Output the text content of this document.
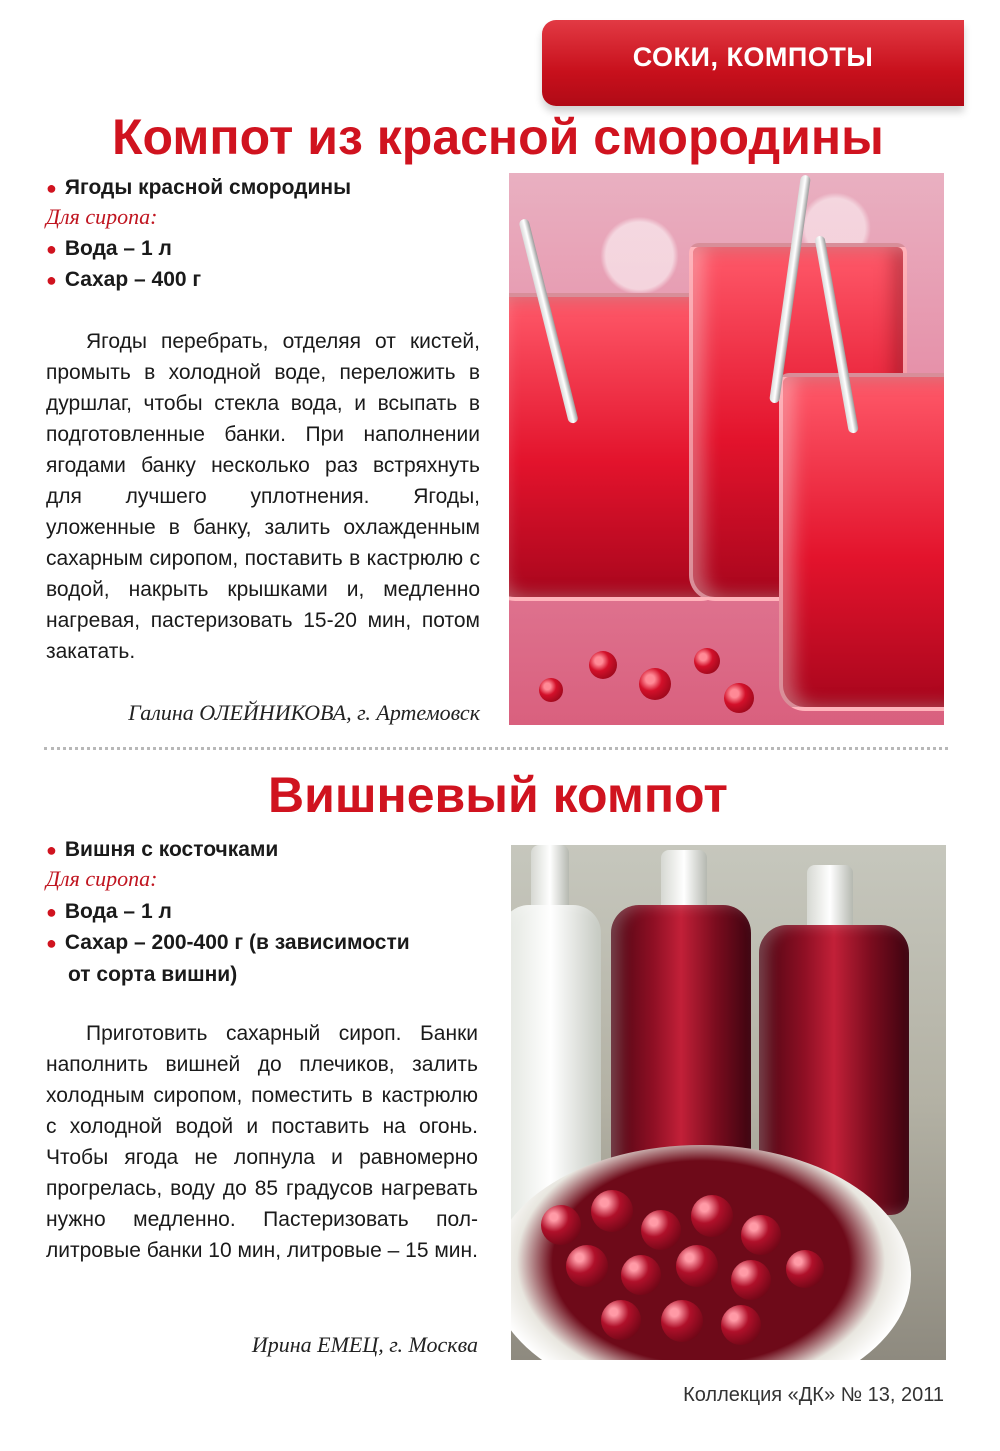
СОКИ, КОМПОТЫ
Компот из красной смородины

● Ягоды красной смородины

Для сиропа:

● Вода – 1 л

● Сахар – 400 г

Ягоды перебрать, отделяя от кистей, промыть в холодной воде, переложить в дуршлаг, чтобы стекла вода, и всыпать в подготовленные банки. При наполнении ягодами банку несколько раз встряхнуть для лучшего уплотнения. Ягоды, уложенные в банку, залить охлажденным сахарным сиропом, поставить в кастрюлю с водой, накрыть крышками и, медленно нагревая, пастеризовать 15-20 мин, потом закатать.

Галина ОЛЕЙНИКОВА, г. Артемовск

Вишневый компот

● Вишня с косточками

Для сиропа:

● Вода – 1 л

● Сахар – 200-400 г (в зависимости
от сорта вишни)

Приготовить сахарный сироп. Банки наполнить вишней до плечиков, залить холодным сиропом, поместить в кастрюлю с холодной водой и поставить на огонь. Чтобы ягода не лопнула и равномерно прогрелась, воду до 85 градусов нагревать нужно медленно. Пастеризовать пол-литровые банки 10 мин, литровые – 15 мин.

Ирина ЕМЕЦ, г. Москва

Коллекция «ДК» № 13, 2011
